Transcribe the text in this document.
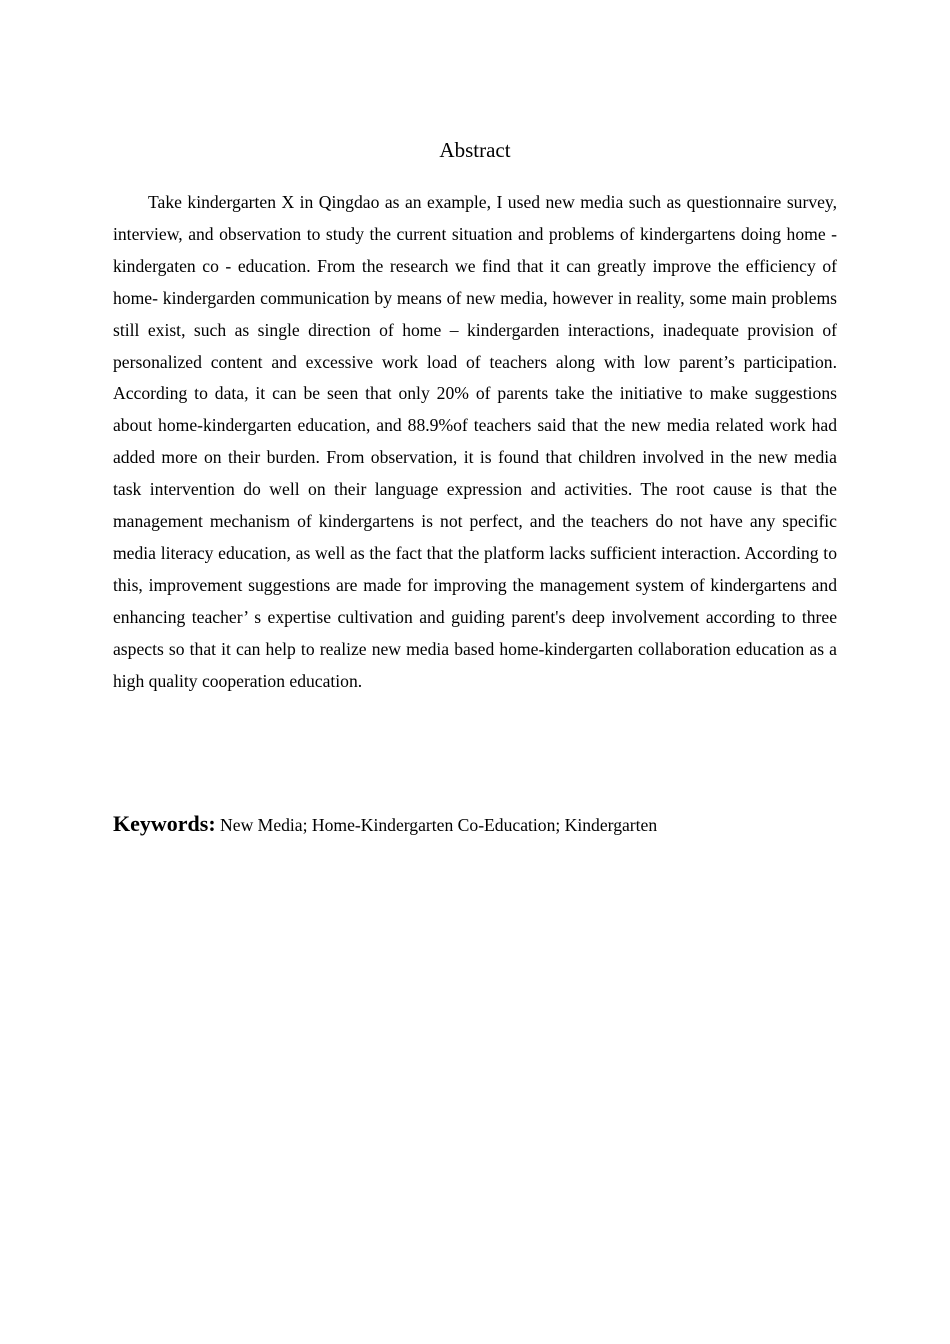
Abstract

Take kindergarten X in Qingdao as an example, I used new media such as questionnaire survey, interview, and observation to study the current situation and problems of kindergartens doing home - kindergaten co - education. From the research we find that it can greatly improve the efficiency of home- kindergarden communication by means of new media, however in reality, some main problems still exist, such as single direction of home – kindergarden interactions, inadequate provision of personalized content and excessive work load of teachers along with low parent’s participation. According to data, it can be seen that only 20% of parents take the initiative to make suggestions about home-kindergarten education, and 88.9%of teachers said that the new media related work had added more on their burden. From observation, it is found that children involved in the new media task intervention do well on their language expression and activities. The root cause is that the management mechanism of kindergartens is not perfect, and the teachers do not have any specific media literacy education, as well as the fact that the platform lacks sufficient interaction. According to this, improvement suggestions are made for improving the management system of kindergartens and enhancing teacher’ s expertise cultivation and guiding parent's deep involvement according to three aspects so that it can help to realize new media based home-kindergarten collaboration education as a high quality cooperation education.

Keywords: New Media; Home-Kindergarten Co-Education; Kindergarten
